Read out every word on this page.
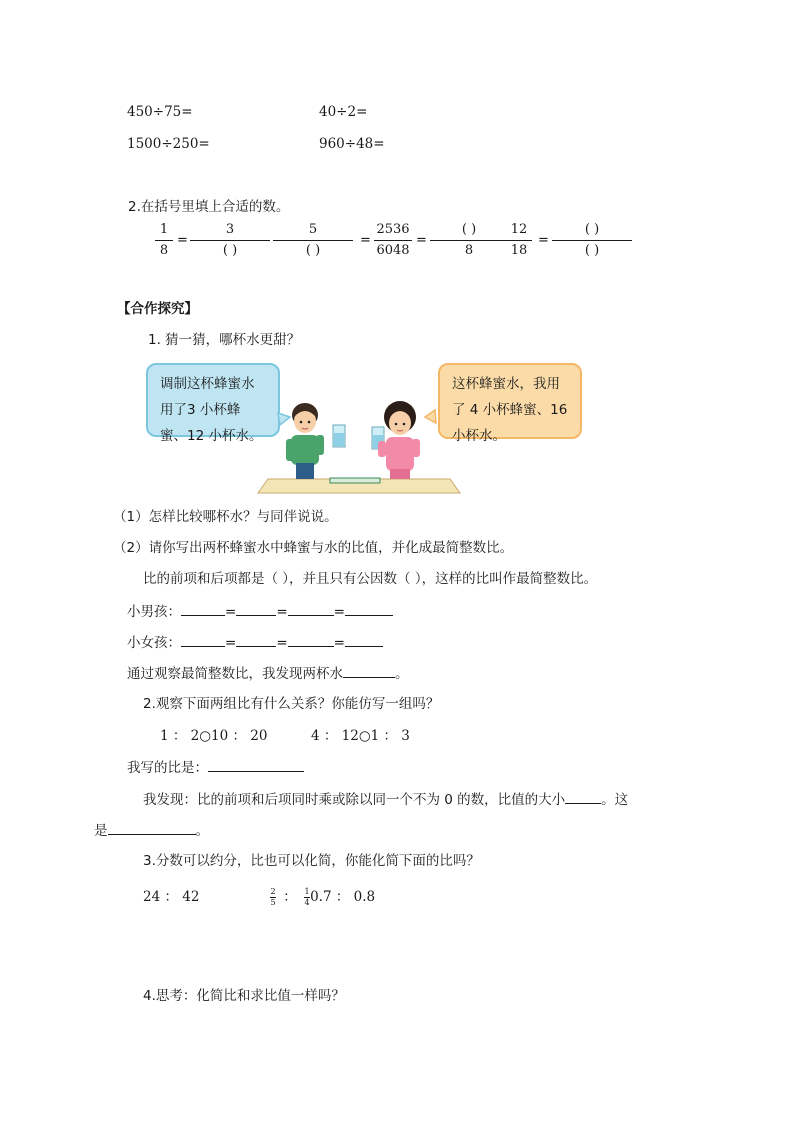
450÷75=	40÷2=
1500÷250=	960÷48=
2.在括号里填上合适的数。
1
8
=
3
( )
5
( )
=
2536
6048
=
( )
8
12
18
=
( )
( )
【合作探究】
1. 猜一猜，哪杯水更甜？
调制这杯蜂蜜水用了3 小杯蜂蜜、12 小杯水。
这杯蜂蜜水，我用了 4 小杯蜂蜜、16 小杯水。
（1）怎样比较哪杯水？与同伴说说。
（2）请你写出两杯蜂蜜水中蜂蜜与水的比值，并化成最简整数比。
比的前项和后项都是（ ），并且只有公因数（ ），这样的比叫作最简整数比。
小男孩：	=	=	=
小女孩：	=	=	=
通过观察最简整数比，我发现两杯水	。
2.观察下面两组比有什么关系？你能仿写一组吗？
1 ： 2○10 ： 20	4 ： 12○1 ： 3
我写的比是：
我发现：比的前项和后项同时乘或除以同一个不为 0 的数，比值的大小	。这
是	。
3.分数可以约分，比也可以化简，你能化简下面的比吗？
24 ： 42	$\frac{2}{5}$ ： $\frac{1}{4} 0.7$ ： 0.8
4.思考：化简比和求比值一样吗？
